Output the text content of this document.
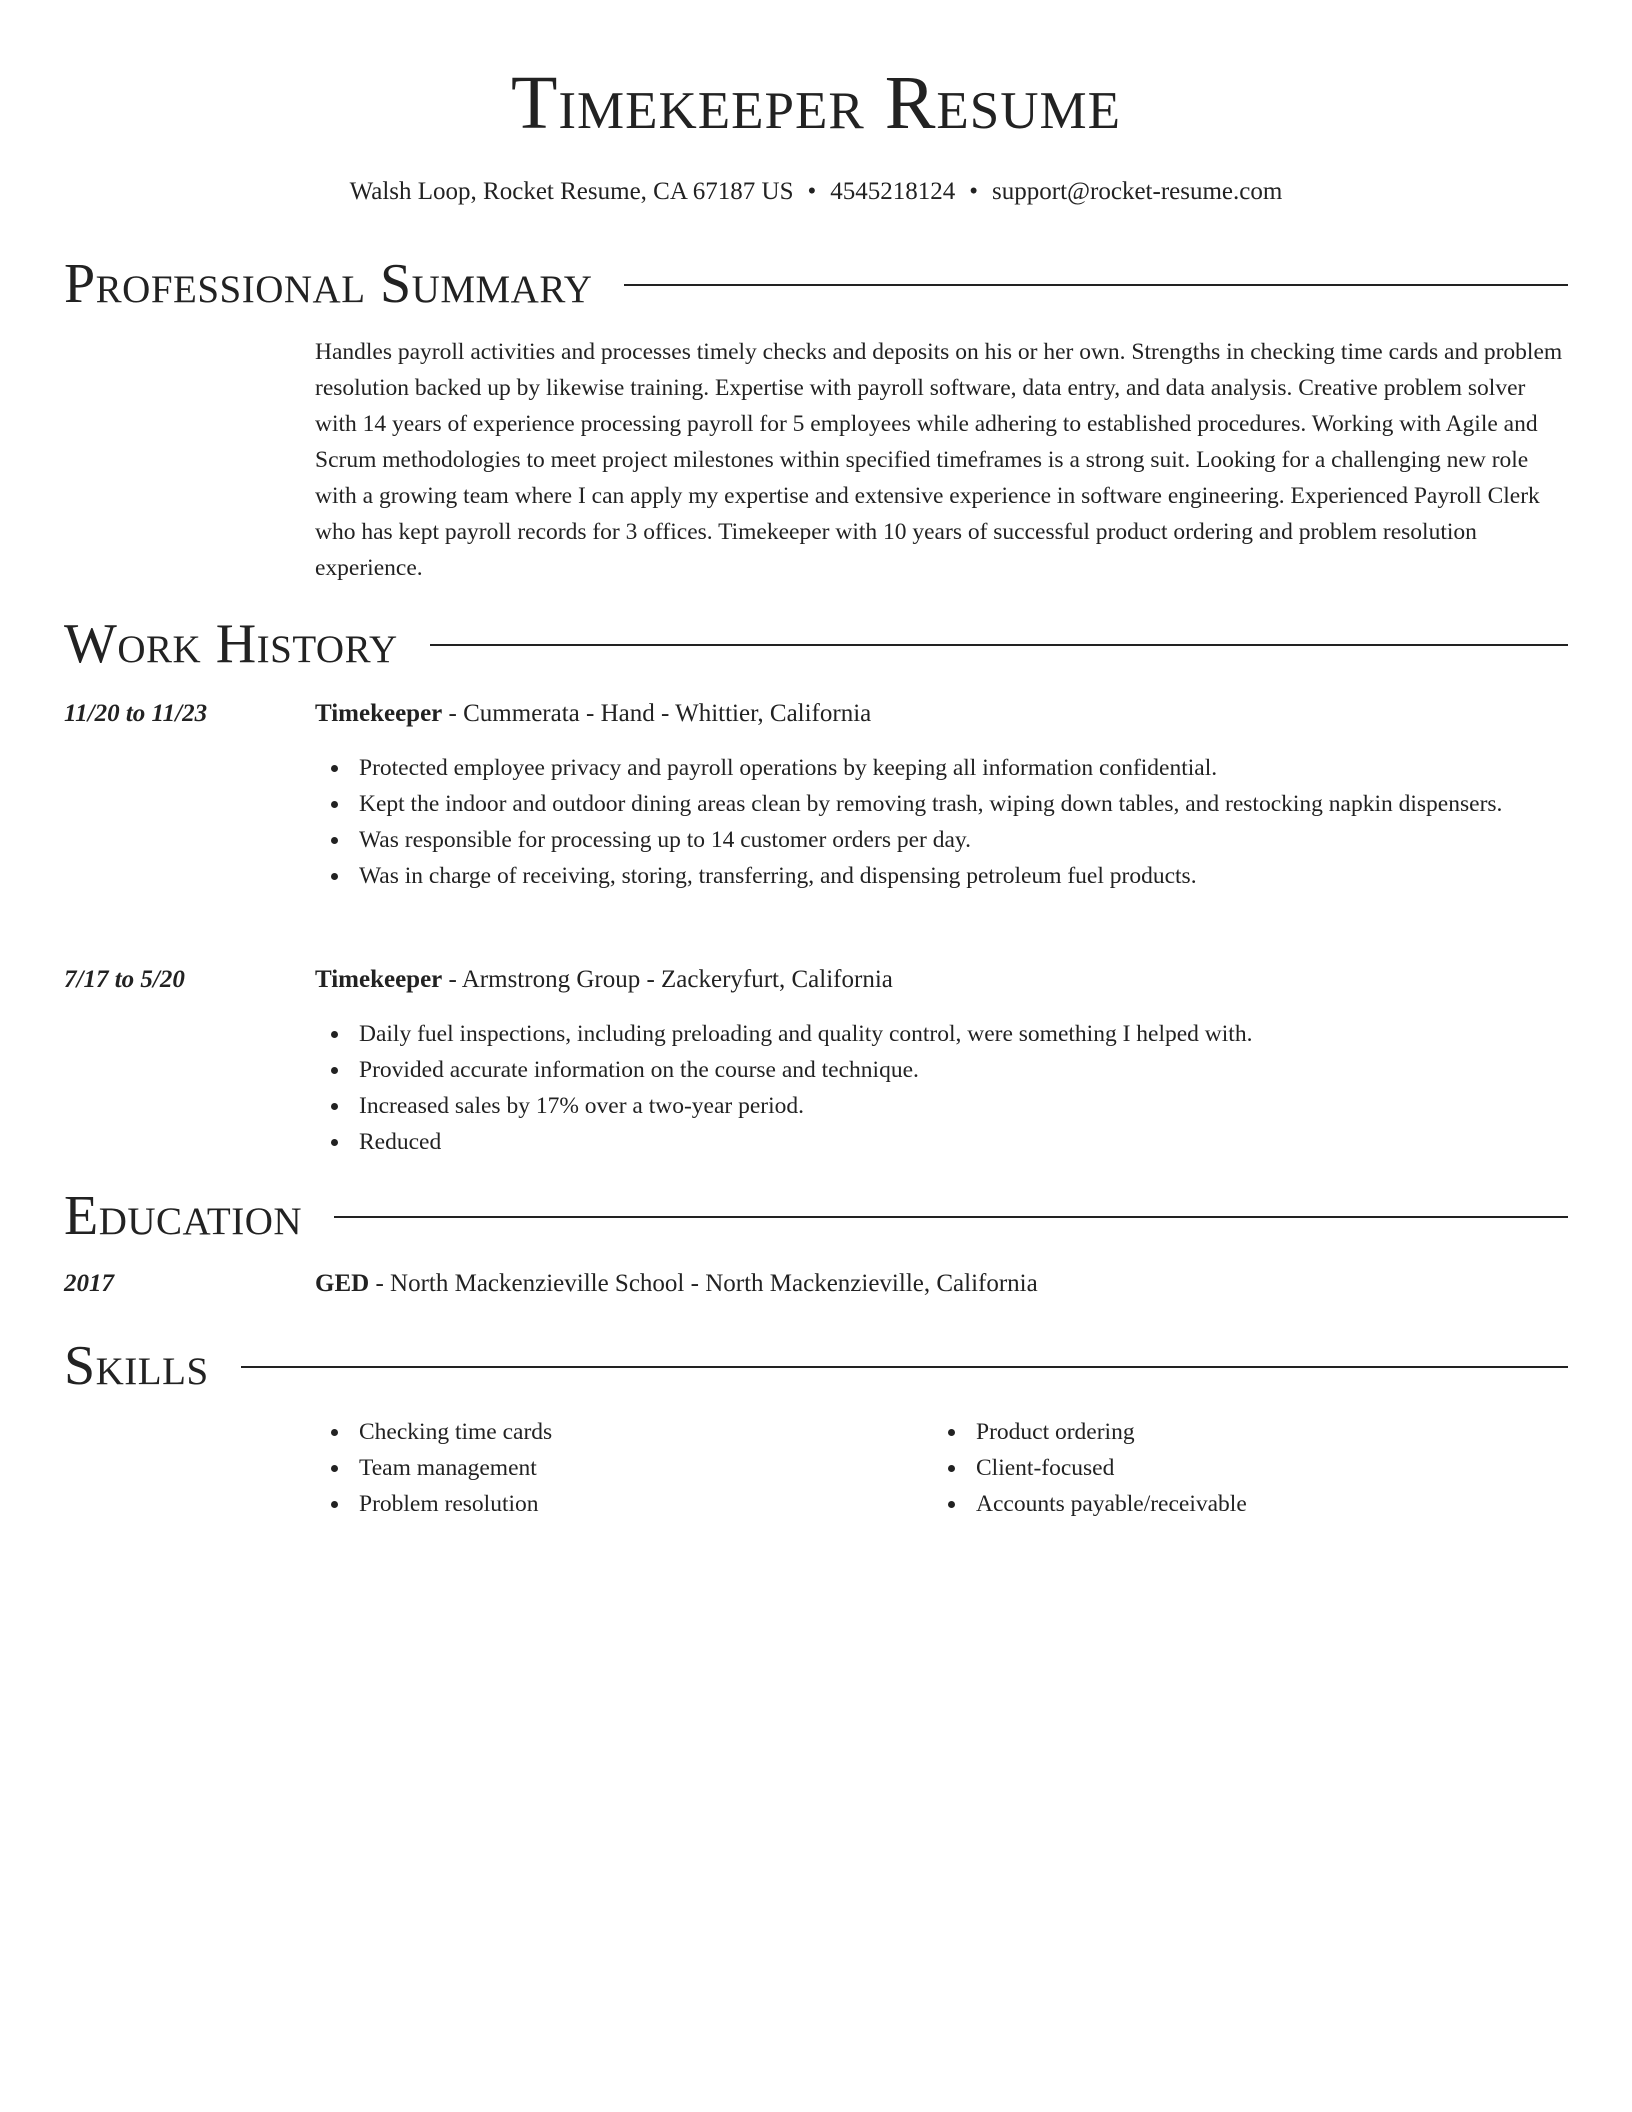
Timekeeper Resume
Walsh Loop, Rocket Resume, CA 67187 US • 4545218124 • support@rocket-resume.com
Professional Summary

Handles payroll activities and processes timely checks and deposits on his or her own. Strengths in checking time cards and problem resolution backed up by likewise training. Expertise with payroll software, data entry, and data analysis. Creative problem solver with 14 years of experience processing payroll for 5 employees while adhering to established procedures. Working with Agile and Scrum methodologies to meet project milestones within specified timeframes is a strong suit. Looking for a challenging new role with a growing team where I can apply my expertise and extensive experience in software engineering. Experienced Payroll Clerk who has kept payroll records for 3 offices. Timekeeper with 10 years of successful product ordering and problem resolution experience.

Work History
11/20 to 11/23	Timekeeper - Cummerata - Hand - Whittier, California
Protected employee privacy and payroll operations by keeping all information confidential.
Kept the indoor and outdoor dining areas clean by removing trash, wiping down tables, and restocking napkin dispensers.
Was responsible for processing up to 14 customer orders per day.
Was in charge of receiving, storing, transferring, and dispensing petroleum fuel products.
7/17 to 5/20	Timekeeper - Armstrong Group - Zackeryfurt, California
Daily fuel inspections, including preloading and quality control, were something I helped with.
Provided accurate information on the course and technique.
Increased sales by 17% over a two-year period.
Reduced
Education
2017	GED - North Mackenzieville School - North Mackenzieville, California
Skills
Checking time cards
Team management
Problem resolution
Product ordering
Client-focused
Accounts payable/receivable
